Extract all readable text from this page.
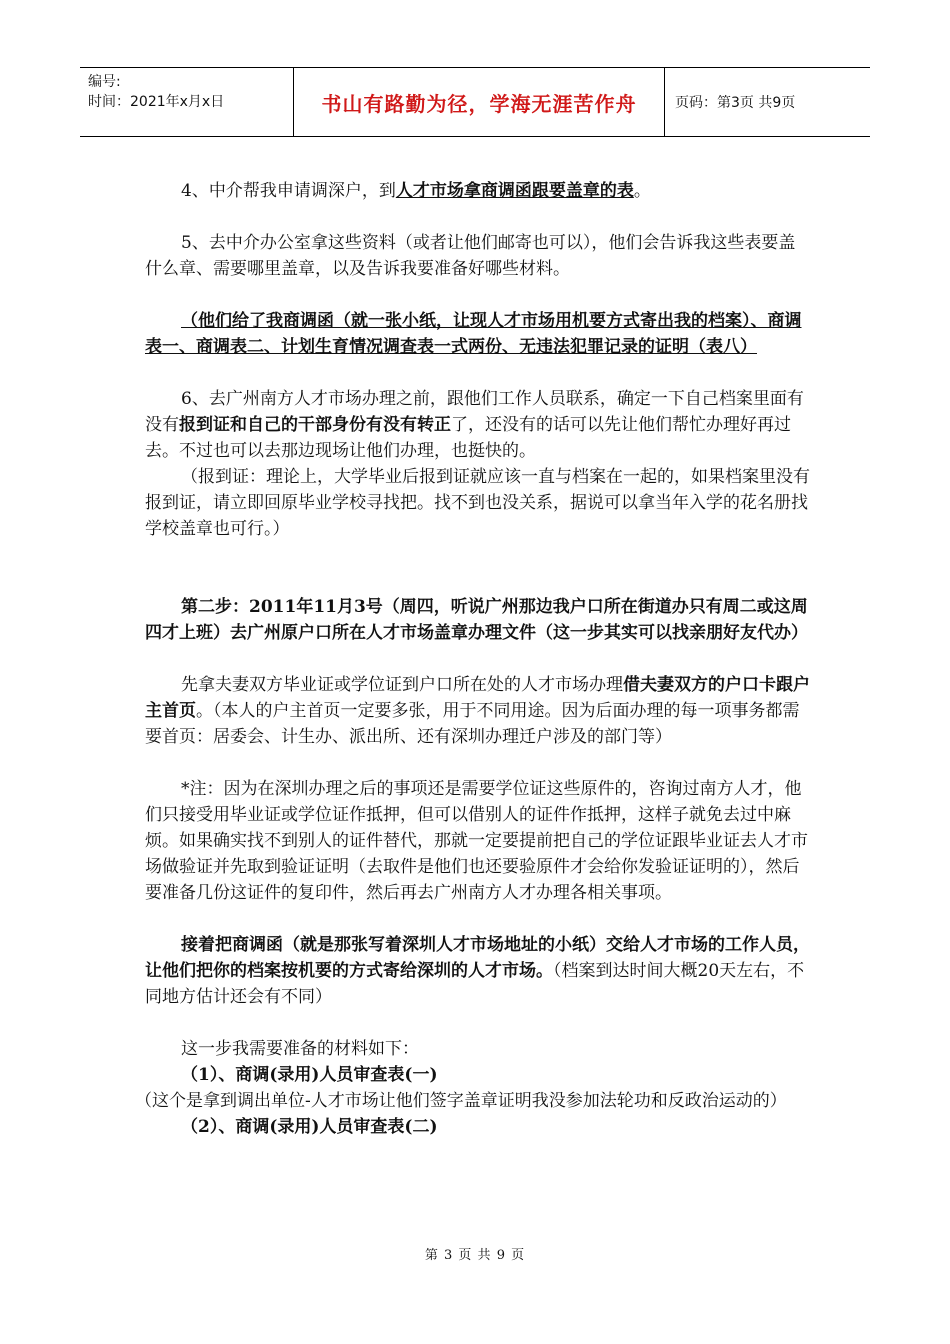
编号:
时间：2021年x月x日	书山有路勤为径，学海无涯苦作舟	页码：第3页 共9页

4、中介帮我申请调深户，到人才市场拿商调函跟要盖章的表。

5、去中介办公室拿这些资料（或者让他们邮寄也可以），他们会告诉我这些表要盖什么章、需要哪里盖章，以及告诉我要准备好哪些材料。

（他们给了我商调函（就一张小纸，让现人才市场用机要方式寄出我的档案）、商调表一、商调表二、计划生育情况调查表一式两份、无违法犯罪记录的证明（表八）

6、去广州南方人才市场办理之前，跟他们工作人员联系，确定一下自己档案里面有没有报到证和自己的干部身份有没有转正了，还没有的话可以先让他们帮忙办理好再过去。不过也可以去那边现场让他们办理，也挺快的。

（报到证：理论上，大学毕业后报到证就应该一直与档案在一起的，如果档案里没有报到证，请立即回原毕业学校寻找把。找不到也没关系，据说可以拿当年入学的花名册找学校盖章也可行。）

第二步：2011年11月3号（周四，听说广州那边我户口所在街道办只有周二或这周四才上班）去广州原户口所在人才市场盖章办理文件（这一步其实可以找亲朋好友代办）

先拿夫妻双方毕业证或学位证到户口所在处的人才市场办理借夫妻双方的户口卡跟户主首页。（本人的户主首页一定要多张，用于不同用途。因为后面办理的每一项事务都需要首页：居委会、计生办、派出所、还有深圳办理迁户涉及的部门等）

*注：因为在深圳办理之后的事项还是需要学位证这些原件的，咨询过南方人才，他们只接受用毕业证或学位证作抵押，但可以借别人的证件作抵押，这样子就免去过中麻烦。如果确实找不到别人的证件替代，那就一定要提前把自己的学位证跟毕业证去人才市场做验证并先取到验证证明（去取件是他们也还要验原件才会给你发验证证明的），然后要准备几份这证件的复印件，然后再去广州南方人才办理各相关事项。

接着把商调函（就是那张写着深圳人才市场地址的小纸）交给人才市场的工作人员，让他们把你的档案按机要的方式寄给深圳的人才市场。（档案到达时间大概20天左右，不同地方估计还会有不同）

这一步我需要准备的材料如下：

（1）、商调(录用)人员审查表(一)

（这个是拿到调出单位-人才市场让他们签字盖章证明我没参加法轮功和反政治运动的）

（2）、商调(录用)人员审查表(二)

第 3 页 共 9 页
